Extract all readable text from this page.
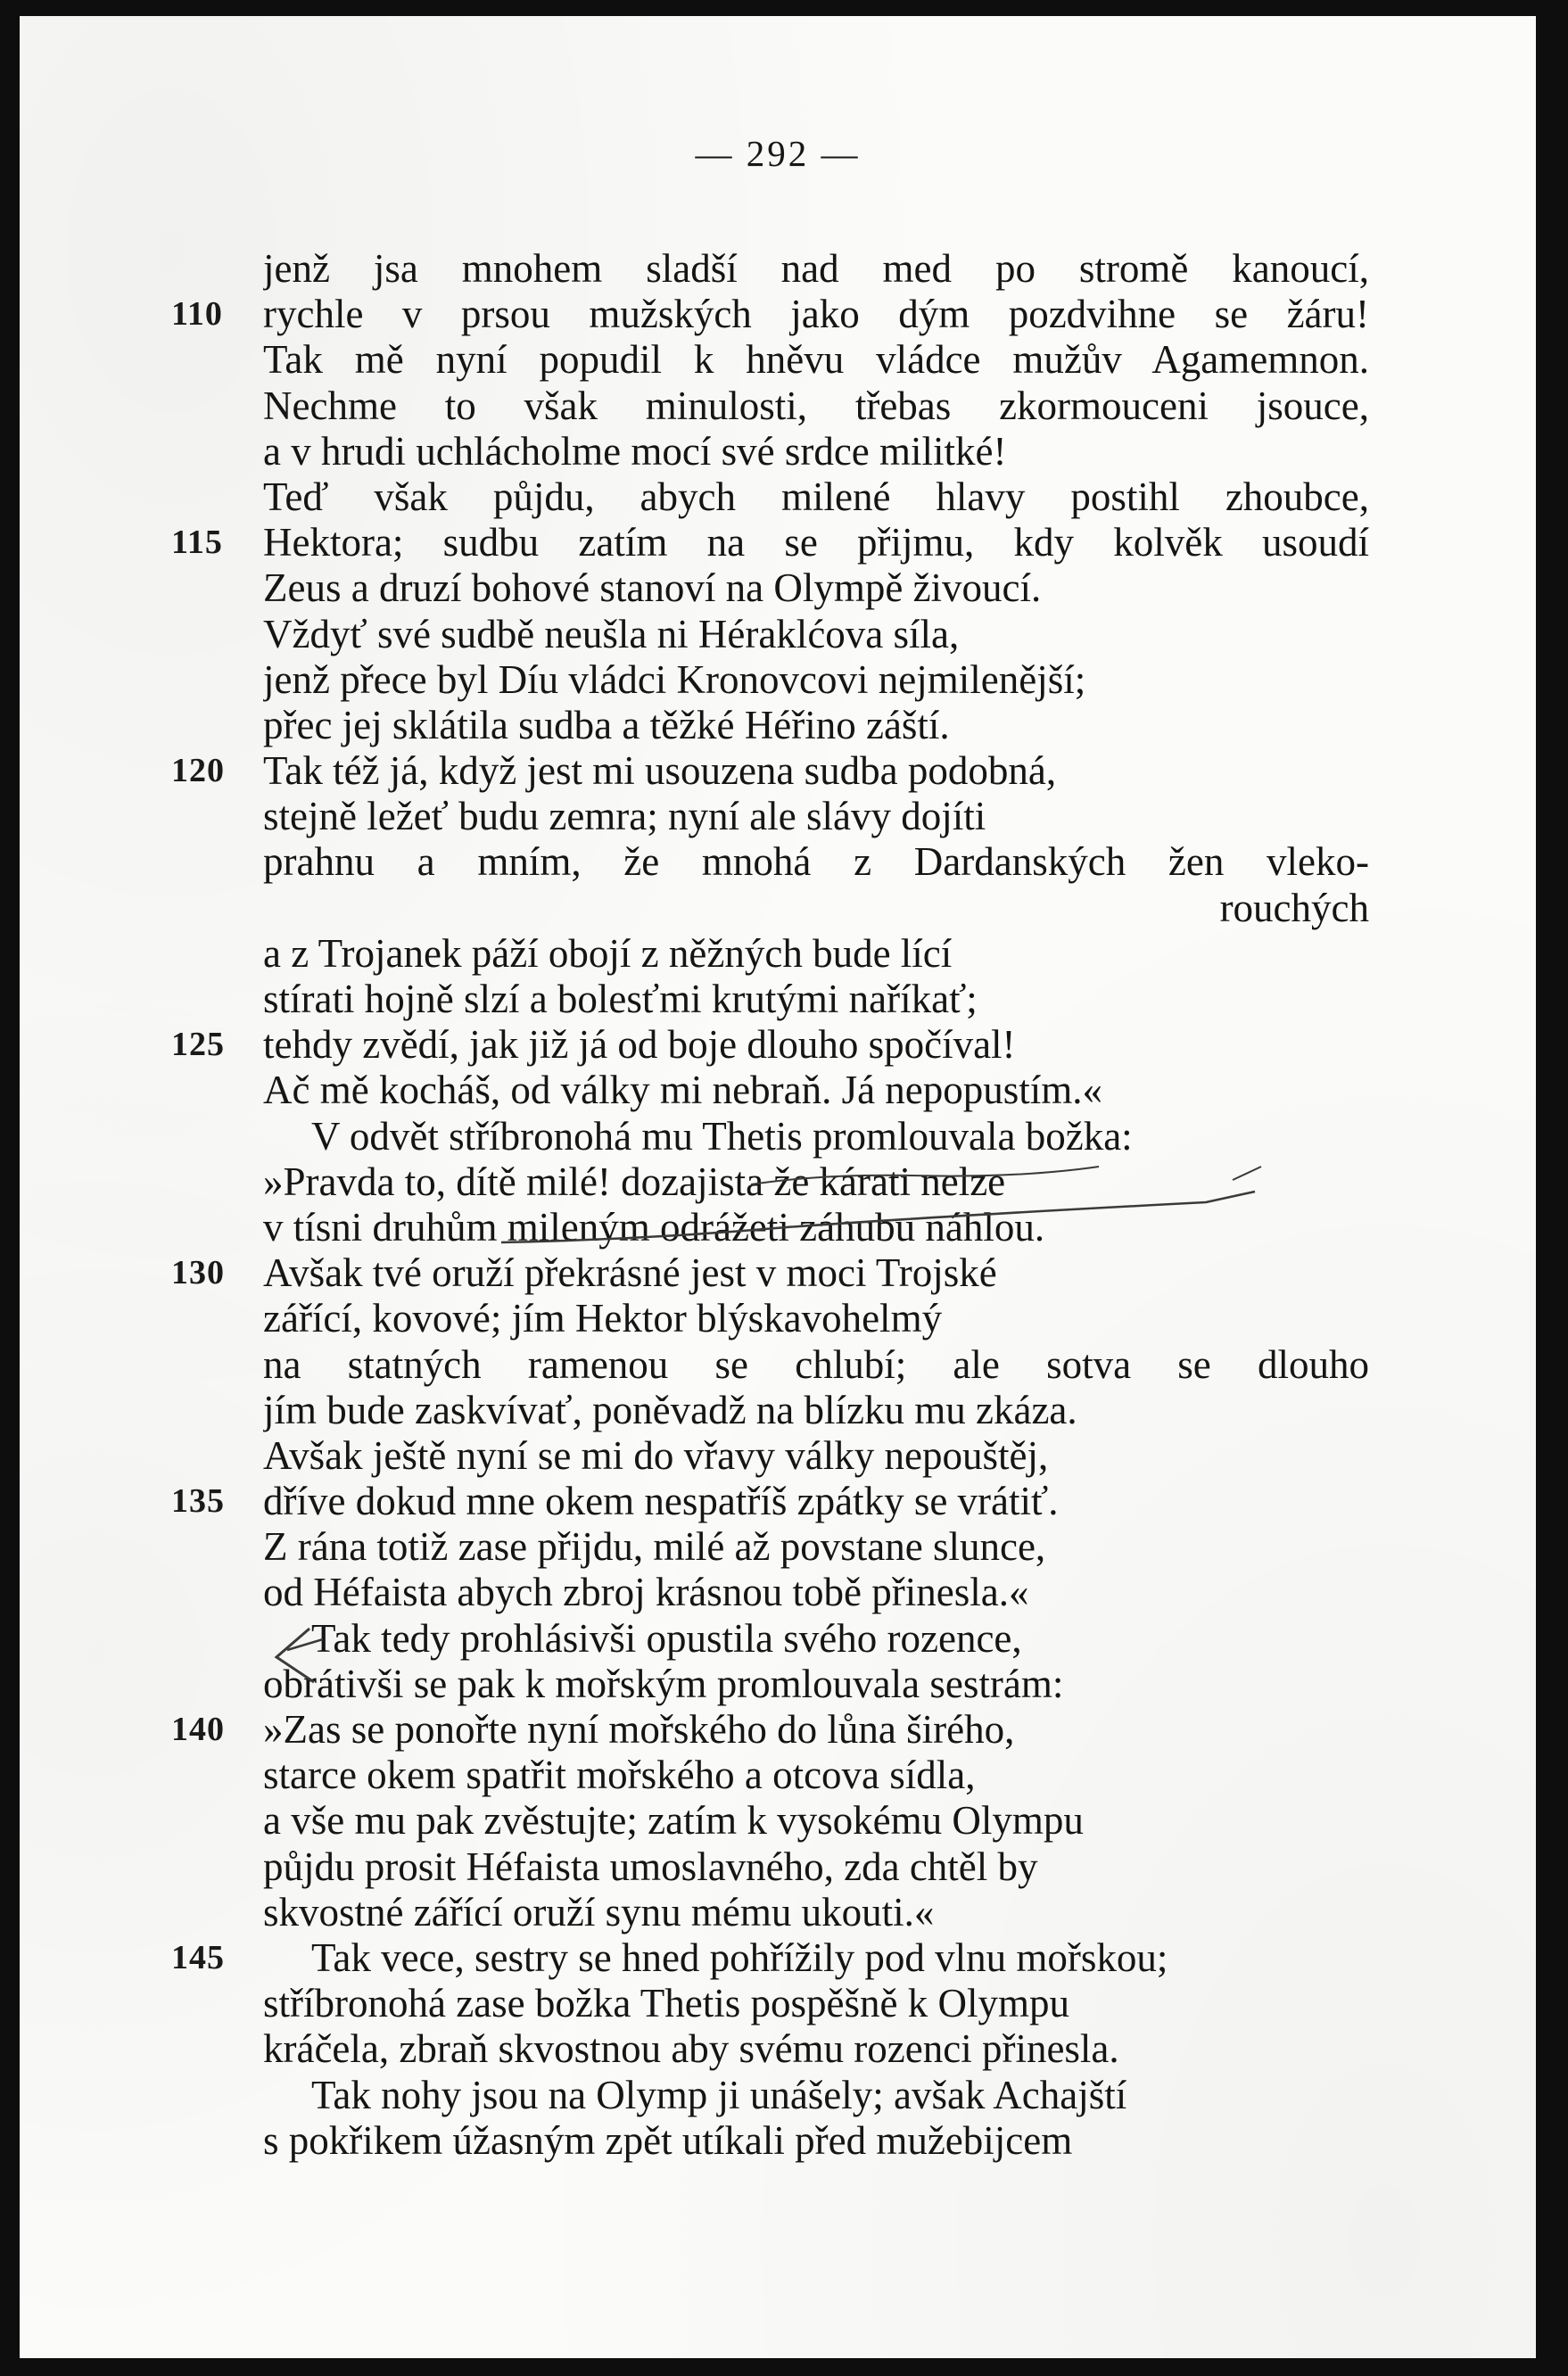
— 292 —
jenž jsa mnohem sladší nad med po stromě kanoucí,
110	rychle v prsou mužských jako dým pozdvihne se žáru!
Tak mě nyní popudil k hněvu vládce mužův Agamemnon.
Nechme to však minulosti, třebas zkormouceni jsouce,
a v hrudi uchlácholme mocí své srdce militké!
Teď však půjdu, abych milené hlavy postihl zhoubce,
115	Hektora; sudbu zatím na se přijmu, kdy kolvěk usoudí
Zeus a druzí bohové stanoví na Olympě živoucí.
Vždyť své sudbě neušla ni Héraklćova síla,
jenž přece byl Díu vládci Kronovcovi nejmilenější;
přec jej sklátila sudba a těžké Héřino záští.
120 Tak též já, když jest mi usouzena sudba podobná,
stejně ležeť budu zemra; nyní ale slávy dojíti
prahnu a mním, že mnohá z Dardanských žen vleko-
rouchých
a z Trojanek páží obojí z něžných bude lící
stírati hojně slzí a bolesťmi krutými naříkať;
125 tehdy zvědí, jak již já od boje dlouho spočíval!
Ač mě kocháš, od války mi nebraň. Já nepopustím.«
V odvět stříbronohá mu Thetis promlouvala božka:
»Pravda to, dítě milé! dozajista že kárati nelze
v tísni druhům mileným odrážeti záhubu náhlou.
130 Avšak tvé oruží překrásné jest v moci Trojské
zářící, kovové; jím Hektor blýskavohelmý
na statných ramenou se chlubí; ale sotva se dlouho
jím bude zaskvívať, poněvadž na blízku mu zkáza.
Avšak ještě nyní se mi do vřavy války nepouštěj,
135 dříve dokud mne okem nespatříš zpátky se vrátiť.
Z rána totiž zase přijdu, milé až povstane slunce,
od Héfaista abych zbroj krásnou tobě přinesla.«
Tak tedy prohlásivši opustila svého rozence,
obrátivši se pak k mořským promlouvala sestrám:
140 »Zas se ponořte nyní mořského do lůna širého,
starce okem spatřit mořského a otcova sídla,
a vše mu pak zvěstujte; zatím k vysokému Olympu
půjdu prosit Héfaista umoslavného, zda chtěl by
skvostné zářící oruží synu mému ukouti.«
145	Tak vece, sestry se hned pohřížily pod vlnu mořskou;
stříbronohá zase božka Thetis pospěšně k Olympu
kráčela, zbraň skvostnou aby svému rozenci přinesla.
Tak nohy jsou na Olymp ji unášely; avšak Achajští
s pokřikem úžasným zpět utíkali před mužebijcem
